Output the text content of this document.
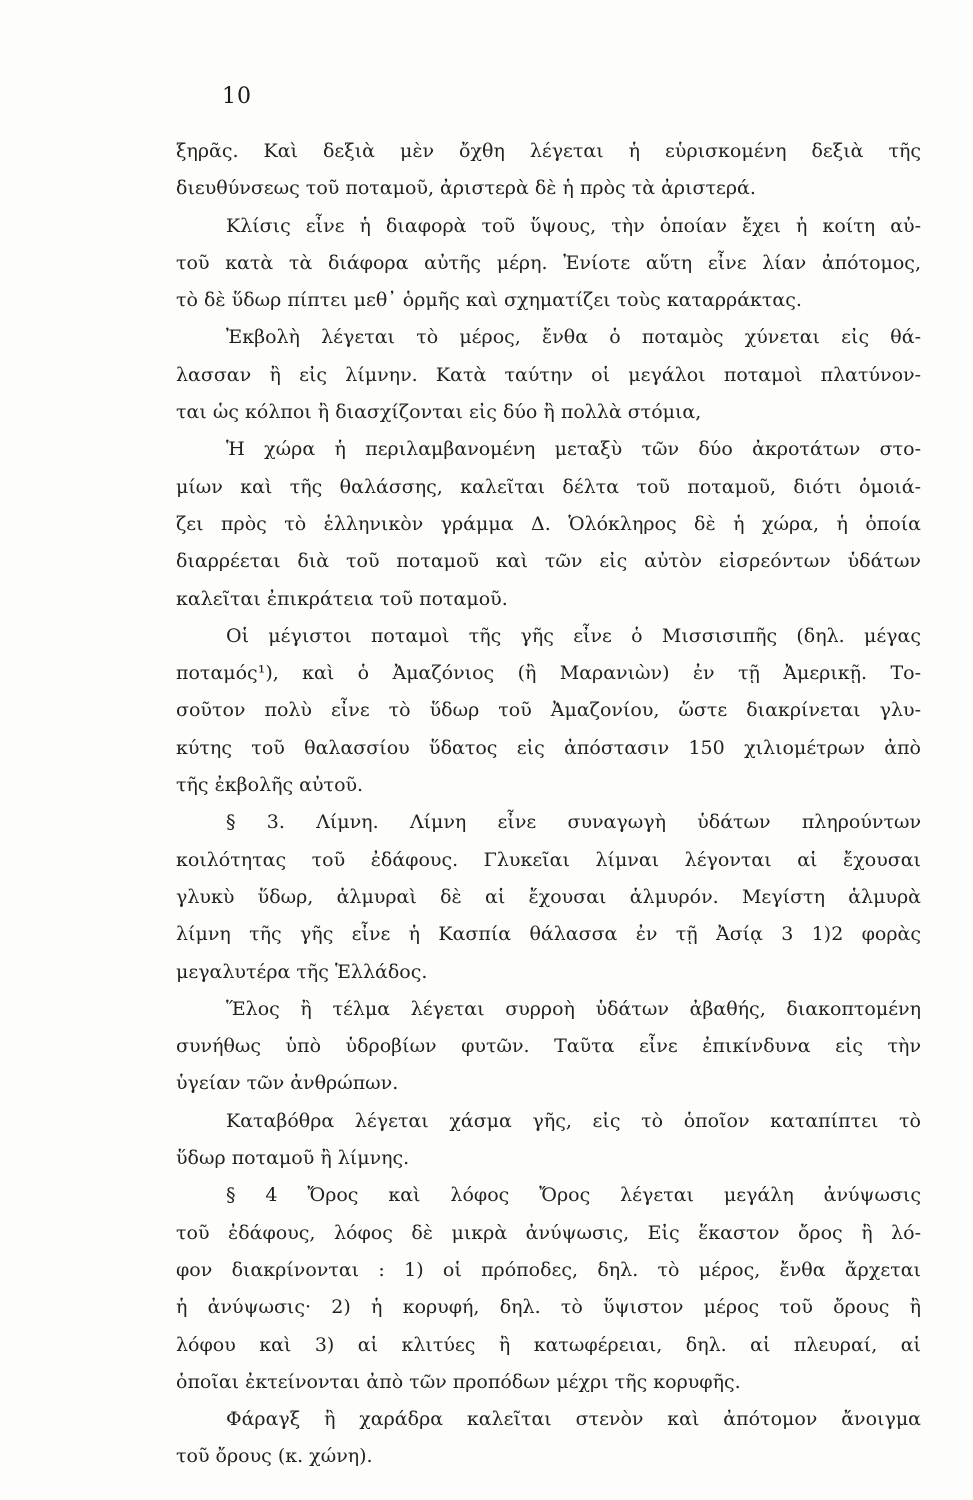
10
ξηρᾶς. Καὶ δεξιὰ μὲν ὄχθη λέγεται ἡ εὑρισκομένη δεξιὰ τῆς
διευθύνσεως τοῦ ποταμοῦ, ἀριστερὰ δὲ ἡ πρὸς τὰ ἀριστερά.
Κλίσις εἶνε ἡ διαφορὰ τοῦ ὕψους, τὴν ὁποίαν ἔχει ἡ κοίτη αὐ-
τοῦ κατὰ τὰ διάφορα αὐτῆς μέρη. Ἐνίοτε αὕτη εἶνε λίαν ἀπότομος,
τὸ δὲ ὕδωρ πίπτει μεθ᾽ ὁρμῆς καὶ σχηματίζει τοὺς καταρράκτας.
Ἐκβολὴ λέγεται τὸ μέρος, ἔνθα ὁ ποταμὸς χύνεται εἰς θά-
λασσαν ἢ εἰς λίμνην. Κατὰ ταύτην οἱ μεγάλοι ποταμοὶ πλατύνον-
ται ὡς κόλποι ἢ διασχίζονται εἰς δύο ἢ πολλὰ στόμια,
Ἡ χώρα ἡ περιλαμβανομένη μεταξὺ τῶν δύο ἀκροτάτων στο-
μίων καὶ τῆς θαλάσσης, καλεῖται δέλτα τοῦ ποταμοῦ, διότι ὁμοιά-
ζει πρὸς τὸ ἑλληνικὸν γράμμα Δ. Ὁλόκληρος δὲ ἡ χώρα, ἡ ὁποία
διαρρέεται διὰ τοῦ ποταμοῦ καὶ τῶν εἰς αὐτὸν εἰσρεόντων ὑδάτων
καλεῖται ἐπικράτεια τοῦ ποταμοῦ.
Οἱ μέγιστοι ποταμοὶ τῆς γῆς εἶνε ὁ Μισσισιπῆς (δηλ. μέγας
ποταμός¹), καὶ ὁ Ἀμαζόνιος (ἢ Μαρανιὼν) ἐν τῇ Ἀμερικῇ. Το-
σοῦτον πολὺ εἶνε τὸ ὕδωρ τοῦ Ἀμαζονίου, ὥστε διακρίνεται γλυ-
κύτης τοῦ θαλασσίου ὕδατος εἰς ἀπόστασιν 150 χιλιομέτρων ἀπὸ
τῆς ἐκβολῆς αὐτοῦ.
§ 3. Λίμνη. Λίμνη εἶνε συναγωγὴ ὑδάτων πληρούντων
κοιλότητας τοῦ ἐδάφους. Γλυκεῖαι λίμναι λέγονται αἱ ἔχουσαι
γλυκὺ ὕδωρ, ἁλμυραὶ δὲ αἱ ἔχουσαι ἁλμυρόν. Μεγίστη ἁλμυρὰ
λίμνη τῆς γῆς εἶνε ἡ Κασπία θάλασσα ἐν τῇ Ἀσίᾳ 3 1)2 φορὰς
μεγαλυτέρα τῆς Ἑλλάδος.
Ἕλος ἢ τέλμα λέγεται συρροὴ ὑδάτων ἀβαθής, διακοπτομένη
συνήθως ὑπὸ ὑδροβίων φυτῶν. Ταῦτα εἶνε ἐπικίνδυνα εἰς τὴν
ὑγείαν τῶν ἀνθρώπων.
Καταβόθρα λέγεται χάσμα γῆς, εἰς τὸ ὁποῖον καταπίπτει τὸ
ὕδωρ ποταμοῦ ἢ λίμνης.
§ 4 Ὄρος καὶ λόφος Ὄρος λέγεται μεγάλη ἀνύψωσις
τοῦ ἐδάφους, λόφος δὲ μικρὰ ἀνύψωσις, Εἰς ἕκαστον ὄρος ἢ λό-
φον διακρίνονται : 1) οἱ πρόποδες, δηλ. τὸ μέρος, ἔνθα ἄρχεται
ἡ ἀνύψωσις· 2) ἡ κορυφή, δηλ. τὸ ὕψιστον μέρος τοῦ ὄρους ἢ
λόφου καὶ 3) αἱ κλιτύες ἢ κατωφέρειαι, δηλ. αἱ πλευραί, αἱ
ὁποῖαι ἐκτείνονται ἀπὸ τῶν προπόδων μέχρι τῆς κορυφῆς.
Φάραγξ ἢ χαράδρα καλεῖται στενὸν καὶ ἀπότομον ἄνοιγμα
τοῦ ὄρους (κ. χώνη).
